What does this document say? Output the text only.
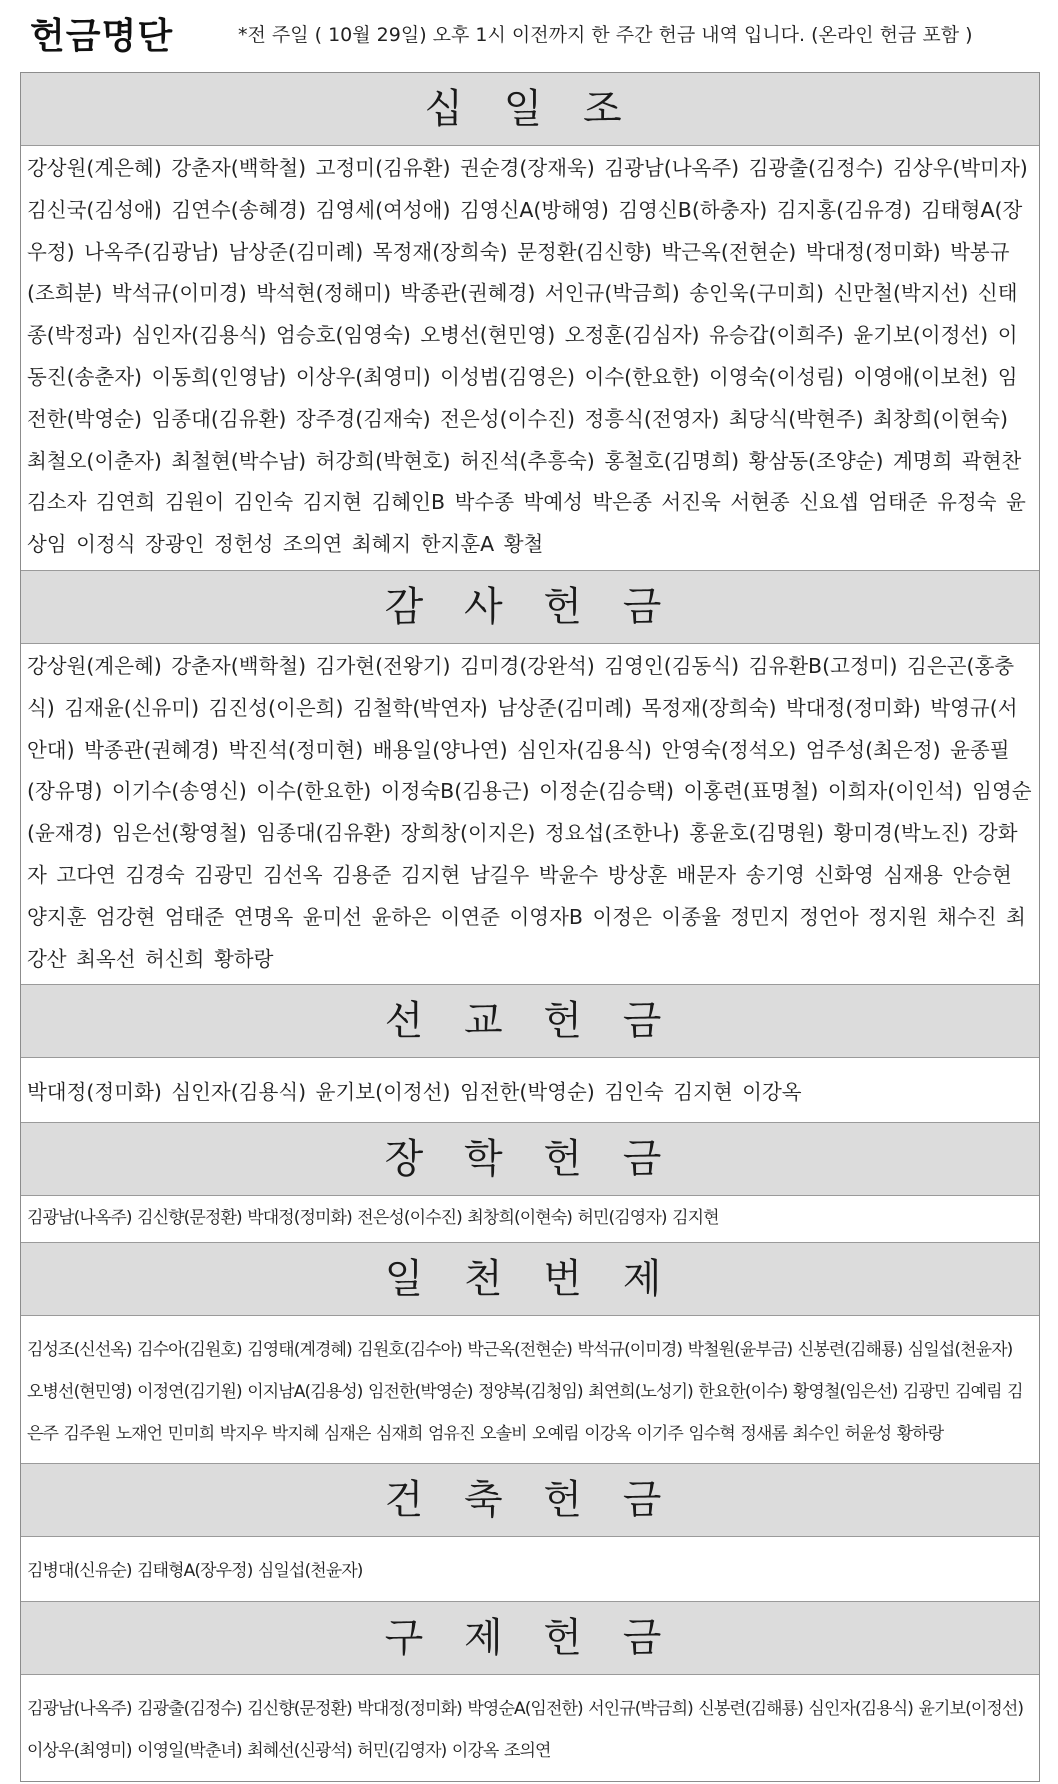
헌금명단	*전 주일 ( 10월 29일) 오후 1시 이전까지 한 주간 헌금 내역 입니다. (온라인 헌금 포함 )
십 일 조
강상원(계은혜) 강춘자(백학철) 고정미(김유환) 권순경(장재욱) 김광남(나옥주) 김광출(김정수) 김상우(박미자) 김신국(김성애) 김연수(송혜경) 김영세(여성애) 김영신A(방해영) 김영신B(하충자) 김지홍(김유경) 김태형A(장우정) 나옥주(김광남) 남상준(김미례) 목정재(장희숙) 문정환(김신향) 박근옥(전현순) 박대정(정미화) 박봉규(조희분) 박석규(이미경) 박석현(정해미) 박종관(권혜경) 서인규(박금희) 송인욱(구미희) 신만철(박지선) 신태종(박정과) 심인자(김용식) 엄승호(임영숙) 오병선(현민영) 오정훈(김심자) 유승갑(이희주) 윤기보(이정선) 이동진(송춘자) 이동희(인영남) 이상우(최영미) 이성범(김영은) 이수(한요한) 이영숙(이성림) 이영애(이보천) 임전한(박영순) 임종대(김유환) 장주경(김재숙) 전은성(이수진) 정흥식(전영자) 최당식(박현주) 최창희(이현숙) 최철오(이춘자) 최철현(박수남) 허강희(박현호) 허진석(추흥숙) 홍철호(김명희) 황삼동(조양순) 계명희 곽현찬 김소자 김연희 김원이 김인숙 김지현 김혜인B 박수종 박예성 박은종 서진욱 서현종 신요셉 엄태준 유정숙 윤상임 이정식 장광인 정헌성 조의연 최혜지 한지훈A 황철
감 사 헌 금
강상원(계은혜) 강춘자(백학철) 김가현(전왕기) 김미경(강완석) 김영인(김동식) 김유환B(고정미) 김은곤(홍충식) 김재윤(신유미) 김진성(이은희) 김철학(박연자) 남상준(김미례) 목정재(장희숙) 박대정(정미화) 박영규(서안대) 박종관(권혜경) 박진석(정미현) 배용일(양나연) 심인자(김용식) 안영숙(정석오) 엄주성(최은정) 윤종필(장유명) 이기수(송영신) 이수(한요한) 이정숙B(김용근) 이정순(김승택) 이홍련(표명철) 이희자(이인석) 임영순(윤재경) 임은선(황영철) 임종대(김유환) 장희창(이지은) 정요섭(조한나) 홍윤호(김명원) 황미경(박노진) 강화자 고다연 김경숙 김광민 김선옥 김용준 김지현 남길우 박윤수 방상훈 배문자 송기영 신화영 심재용 안승현 양지훈 엄강현 엄태준 연명옥 윤미선 윤하은 이연준 이영자B 이정은 이종율 정민지 정언아 정지원 채수진 최강산 최옥선 허신희 황하랑
선 교 헌 금
박대정(정미화) 심인자(김용식) 윤기보(이정선) 임전한(박영순) 김인숙 김지현 이강옥
장 학 헌 금
김광남(나옥주) 김신향(문정환) 박대정(정미화) 전은성(이수진) 최창희(이현숙) 허민(김영자) 김지현
일 천 번 제
김성조(신선옥) 김수아(김원호) 김영태(계경혜) 김원호(김수아) 박근옥(전현순) 박석규(이미경) 박철원(윤부금) 신봉련(김해룡) 심일섭(천윤자) 오병선(현민영) 이정연(김기원) 이지남A(김용성) 임전한(박영순) 정양복(김청임) 최연희(노성기) 한요한(이수) 황영철(임은선) 김광민 김예림 김은주 김주원 노재언 민미희 박지우 박지혜 심재은 심재희 엄유진 오솔비 오예림 이강옥 이기주 임수혁 정새롬 최수인 허윤성 황하랑
건 축 헌 금
김병대(신유순) 김태형A(장우정) 심일섭(천윤자)
구 제 헌 금
김광남(나옥주) 김광출(김정수) 김신향(문정환) 박대정(정미화) 박영순A(임전한) 서인규(박금희) 신봉련(김해룡) 심인자(김용식) 윤기보(이정선) 이상우(최영미) 이영일(박춘녀) 최혜선(신광석) 허민(김영자) 이강옥 조의연
